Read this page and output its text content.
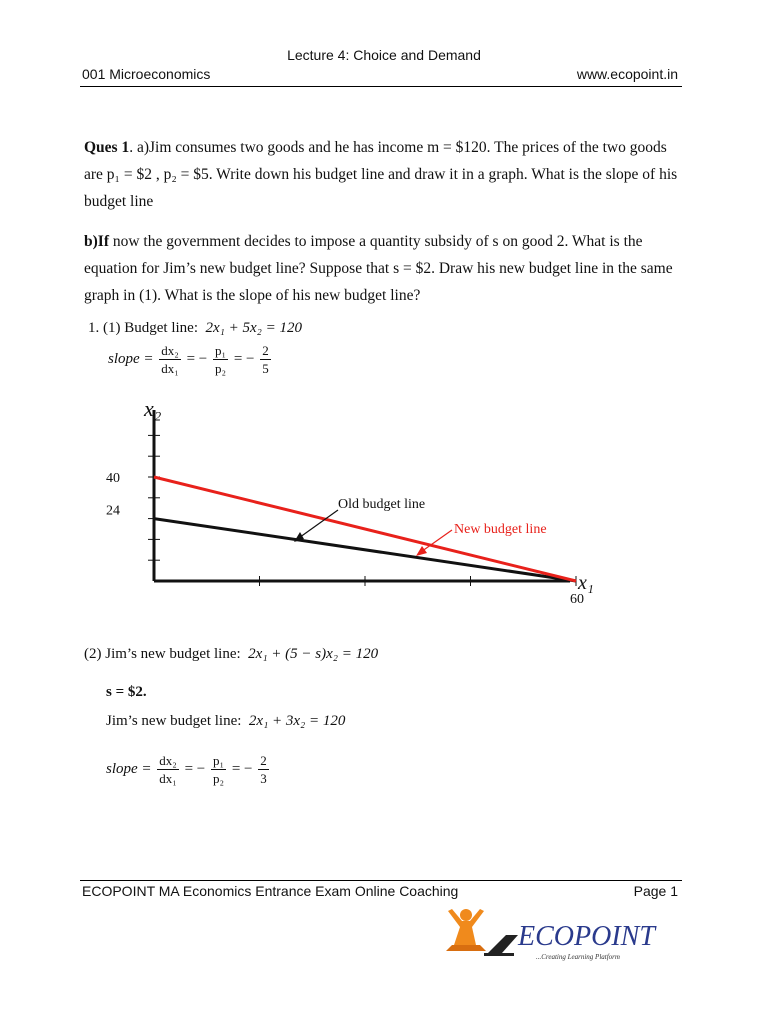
Lecture 4: Choice and Demand
001 Microeconomics	www.ecopoint.in
Ques 1. a)Jim consumes two goods and he has income m = $120. The prices of the two goods are p₁ = $2 , p₂ = $5. Write down his budget line and draw it in a graph. What is the slope of his budget line
b)If now the government decides to impose a quantity subsidy of s on good 2. What is the equation for Jim’s new budget line? Suppose that s = $2. Draw his new budget line in the same graph in (1). What is the slope of his new budget line?
1. (1) Budget line: 2x₁ + 5x₂ = 120
slope = $\frac{\text{dx₂}}{\text{dx₁}}$ = − $\frac{\text{p₁}}{\text{p₂}}$ = − $\frac{2}{5}$
40
24
60
x₂
x₁
Old budget line
New budget line
(2) Jim’s new budget line: 2x₁ + (5 − s)x₂ = 120
s = $2.
Jim’s new budget line: 2x₁ + 3x₂ = 120
slope = $\frac{\text{dx₂}}{\text{dx₁}}$ = − $\frac{\text{p₁}}{\text{p₂}}$ = − $\frac{2}{3}$
ECOPOINT MA Economics Entrance Exam Online Coaching	Page 1
ECOPOINT
...Creating Learning Platform
